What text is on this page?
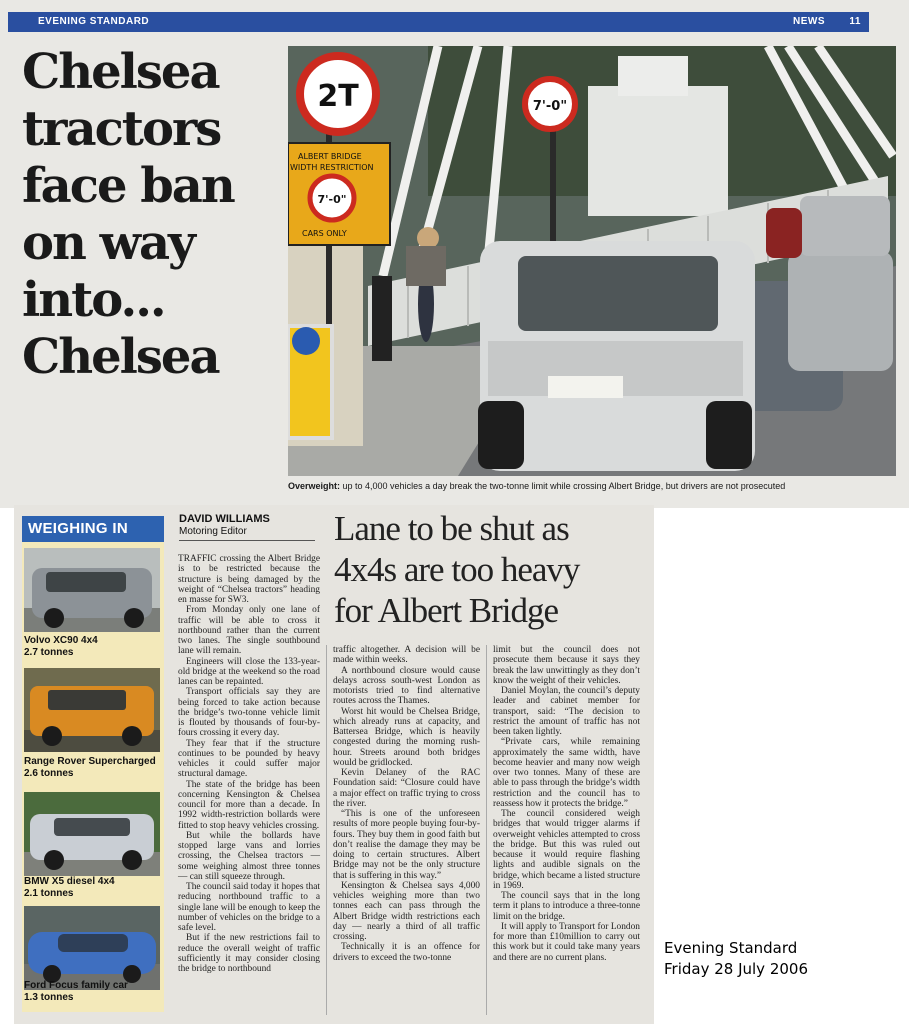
EVENING STANDARD	NEWS 11
Chelsea
tractors
face ban
on way
into...
Chelsea
2T	7'-0"
ALBERT BRIDGE
WIDTH RESTRICTION
7'-0"
CARS ONLY
Overweight: up to 4,000 vehicles a day break the two-tonne limit while crossing Albert Bridge, but drivers are not prosecuted
WEIGHING IN
Volvo XC90 4x4
2.7 tonnes
Range Rover Supercharged
2.6 tonnes
BMW X5 diesel 4x4
2.1 tonnes
Ford Focus family car
1.3 tonnes
DAVID WILLIAMS
Motoring Editor	Lane to be shut as
4x4s are too heavy
for Albert Bridge

TRAFFIC crossing the Albert Bridge is to be restricted because the structure is being damaged by the weight of “Chelsea tractors” heading en masse for SW3.

From Monday only one lane of traffic will be able to cross it northbound rather than the current two lanes. The single southbound lane will remain.

Engineers will close the 133-year-old bridge at the weekend so the road lanes can be repainted.

Transport officials say they are being forced to take action because the bridge’s two-tonne vehicle limit is flouted by thousands of four-by-fours crossing it every day.

They fear that if the structure continues to be pounded by heavy vehicles it could suffer major structural damage.

The state of the bridge has been concerning Kensington & Chelsea council for more than a decade. In 1992 width-restriction bollards were fitted to stop heavy vehicles crossing.

But while the bollards have stopped large vans and lorries crossing, the Chelsea tractors — some weighing almost three tonnes — can still squeeze through.

The council said today it hopes that reducing northbound traffic to a single lane will be enough to keep the number of vehicles on the bridge to a safe level.

But if the new restrictions fail to reduce the overall weight of traffic sufficiently it may consider closing the bridge to northbound

traffic altogether. A decision will be made within weeks.

A northbound closure would cause delays across south-west London as motorists tried to find alternative routes across the Thames.

Worst hit would be Chelsea Bridge, which already runs at capacity, and Battersea Bridge, which is heavily congested during the morning rush-hour. Streets around both bridges would be gridlocked.

Kevin Delaney of the RAC Foundation said: “Closure could have a major effect on traffic trying to cross the river.

“This is one of the unforeseen results of more people buying four-by-fours. They buy them in good faith but don’t realise the damage they may be doing to certain structures. Albert Bridge may not be the only structure that is suffering in this way.”

Kensington & Chelsea says 4,000 vehicles weighing more than two tonnes each can pass through the Albert Bridge width restrictions each day — nearly a third of all traffic crossing.

Technically it is an offence for drivers to exceed the two-tonne

limit but the council does not prosecute them because it says they break the law unwittingly as they don’t know the weight of their vehicles.

Daniel Moylan, the council’s deputy leader and cabinet member for transport, said: “The decision to restrict the amount of traffic has not been taken lightly.

“Private cars, while remaining approximately the same width, have become heavier and many now weigh over two tonnes. Many of these are able to pass through the bridge’s width restriction and the council has to reassess how it protects the bridge.”

The council considered weigh bridges that would trigger alarms if overweight vehicles attempted to cross the bridge. But this was ruled out because it would require flashing lights and audible signals on the bridge, which became a listed structure in 1969.

The council says that in the long term it plans to introduce a three-tonne limit on the bridge.

It will apply to Transport for London for more than £10million to carry out this work but it could take many years and there are no current plans.

Evening Standard
Friday 28 July 2006
